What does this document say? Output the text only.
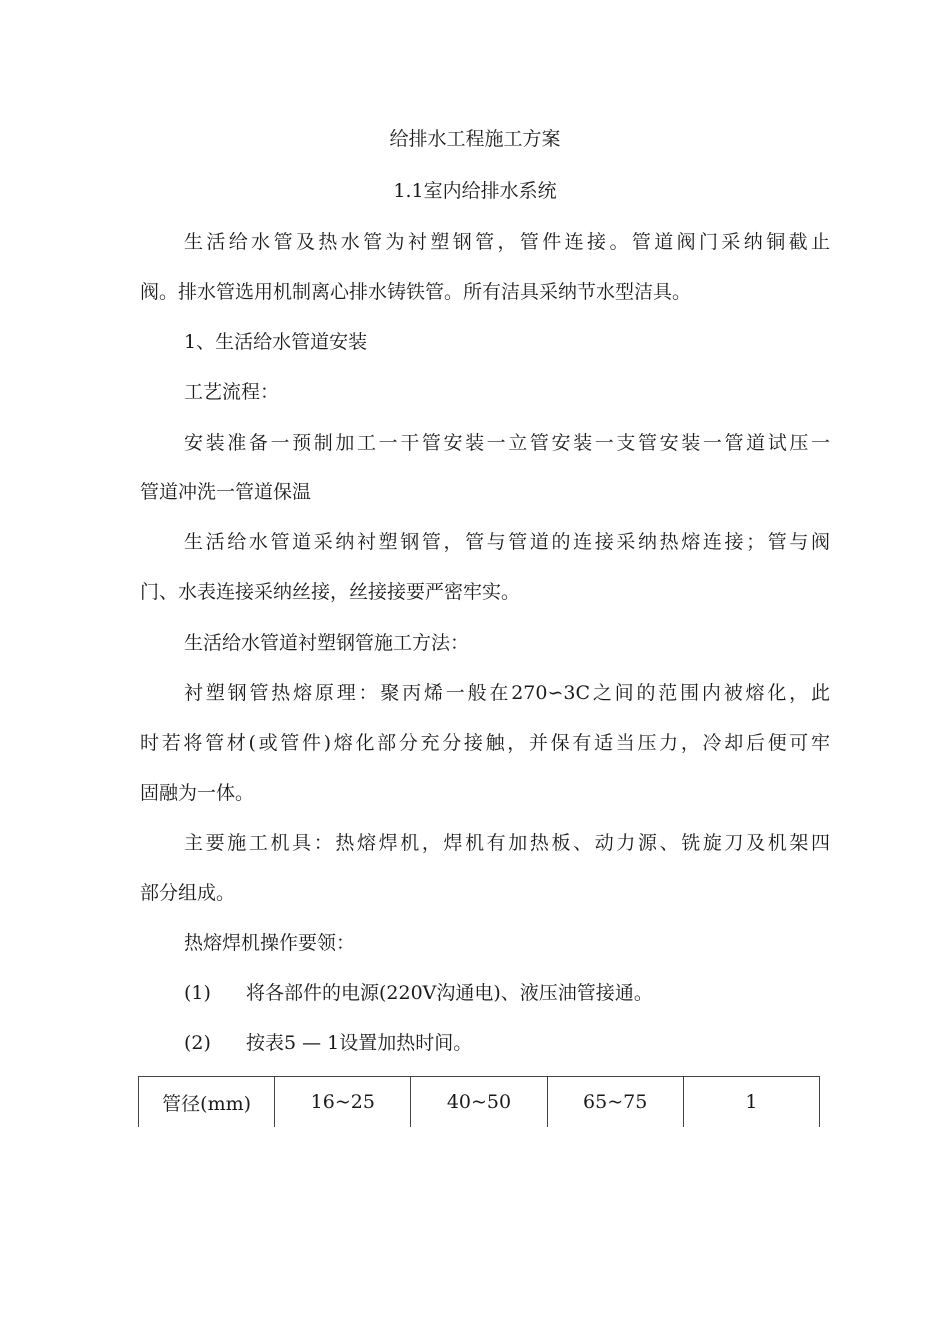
给排水工程施工方案
1.1室内给排水系统
生活给水管及热水管为衬塑钢管，管件连接。管道阀门采纳铜截止
阀。排水管选用机制离心排水铸铁管。所有洁具采纳节水型洁具。
1、生活给水管道安装
工艺流程：
安装准备一预制加工一干管安装一立管安装一支管安装一管道试压一
管道冲洗一管道保温
生活给水管道采纳衬塑钢管，管与管道的连接采纳热熔连接；管与阀
门、水表连接采纳丝接，丝接接要严密牢实。
生活给水管道衬塑钢管施工方法：
衬塑钢管热熔原理：聚丙烯一般在270∽3C之间的范围内被熔化，此
时若将管材(或管件)熔化部分充分接触，并保有适当压力，冷却后便可牢
固融为一体。
主要施工机具：热熔焊机，焊机有加热板、动力源、铣旋刀及机架四
部分组成。
热熔焊机操作要领：
(1) 将各部件的电源(220V沟通电)、液压油管接通。
(2) 按表5 — 1设置加热时间。
管径(mm)	16~25	40~50	65~75	1
